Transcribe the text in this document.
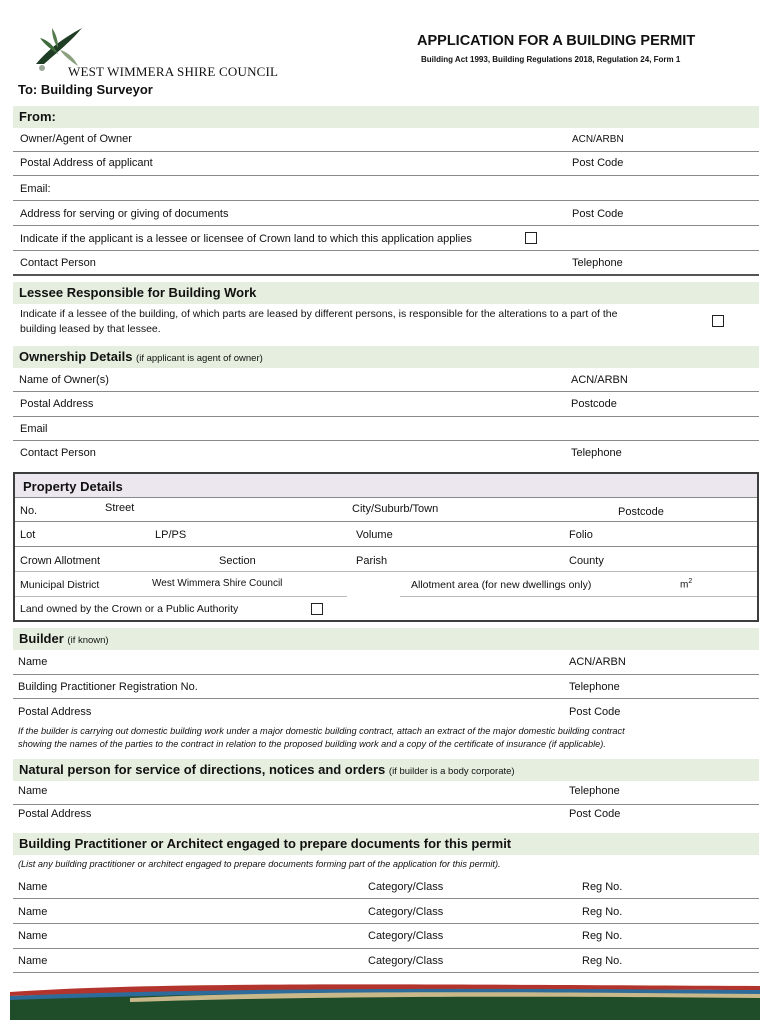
WEST WIMMERA SHIRE COUNCIL
APPLICATION FOR A BUILDING PERMIT
Building Act 1993, Building Regulations 2018, Regulation 24, Form 1
To: Building Surveyor
From:
Owner/Agent of Owner	ACN/ARBN
Postal Address of applicant	Post Code
Email:
Address for serving or giving of documents	Post Code
Indicate if the applicant is a lessee or licensee of Crown land to which this application applies
Contact Person	Telephone
Lessee Responsible for Building Work
Indicate if a lessee of the building, of which parts are leased by different persons, is responsible for the alterations to a part of the
building leased by that lessee.
Ownership Details (if applicant is agent of owner)
Name of Owner(s)	ACN/ARBN
Postal Address	Postcode
Email
Contact Person	Telephone
Property Details
No.	Street	City/Suburb/Town	Postcode
Lot	LP/PS	Volume	Folio
Crown Allotment	Section	Parish	County
Municipal District	West Wimmera Shire Council	Allotment area (for new dwellings only)	$m^2$
Land owned by the Crown or a Public Authority
Builder (if known)
Name	ACN/ARBN
Building Practitioner Registration No.	Telephone
Postal Address	Post Code
If the builder is carrying out domestic building work under a major domestic building contract, attach an extract of the major domestic building contract
showing the names of the parties to the contract in relation to the proposed building work and a copy of the certificate of insurance (if applicable).
Natural person for service of directions, notices and orders (if builder is a body corporate)
Name	Telephone
Postal Address	Post Code
Building Practitioner or Architect engaged to prepare documents for this permit
(List any building practitioner or architect engaged to prepare documents forming part of the application for this permit).
Name	Category/Class	Reg No.
Name	Category/Class	Reg No.
Name	Category/Class	Reg No.
Name	Category/Class	Reg No.
